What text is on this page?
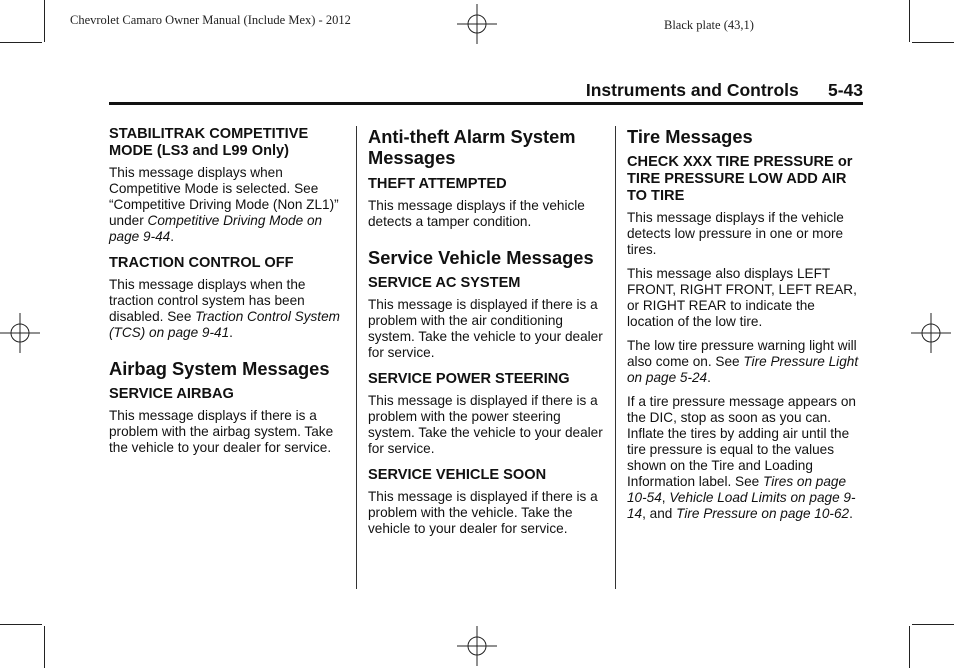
Chevrolet Camaro Owner Manual (Include Mex) - 2012	Black plate (43,1)
Instruments and Controls 5-43
STABILITRAK COMPETITIVE MODE (LS3 and L99 Only)
This message displays when Competitive Mode is selected. See “Competitive Driving Mode (Non ZL1)” under Competitive Driving Mode on page 9-44.
TRACTION CONTROL OFF
This message displays when the traction control system has been disabled. See Traction Control System (TCS) on page 9-41.
Airbag System Messages
SERVICE AIRBAG
This message displays if there is a problem with the airbag system. Take the vehicle to your dealer for service.
Anti-theft Alarm System Messages
THEFT ATTEMPTED
This message displays if the vehicle detects a tamper condition.
Service Vehicle Messages
SERVICE AC SYSTEM
This message is displayed if there is a problem with the air conditioning system. Take the vehicle to your dealer for service.
SERVICE POWER STEERING
This message is displayed if there is a problem with the power steering system. Take the vehicle to your dealer for service.
SERVICE VEHICLE SOON
This message is displayed if there is a problem with the vehicle. Take the vehicle to your dealer for service.
Tire Messages
CHECK XXX TIRE PRESSURE or TIRE PRESSURE LOW ADD AIR TO TIRE
This message displays if the vehicle detects low pressure in one or more tires.
This message also displays LEFT FRONT, RIGHT FRONT, LEFT REAR, or RIGHT REAR to indicate the location of the low tire.
The low tire pressure warning light will also come on. See Tire Pressure Light on page 5-24.
If a tire pressure message appears on the DIC, stop as soon as you can. Inflate the tires by adding air until the tire pressure is equal to the values shown on the Tire and Loading Information label. See Tires on page 10-54, Vehicle Load Limits on page 9-14, and Tire Pressure on page 10-62.
